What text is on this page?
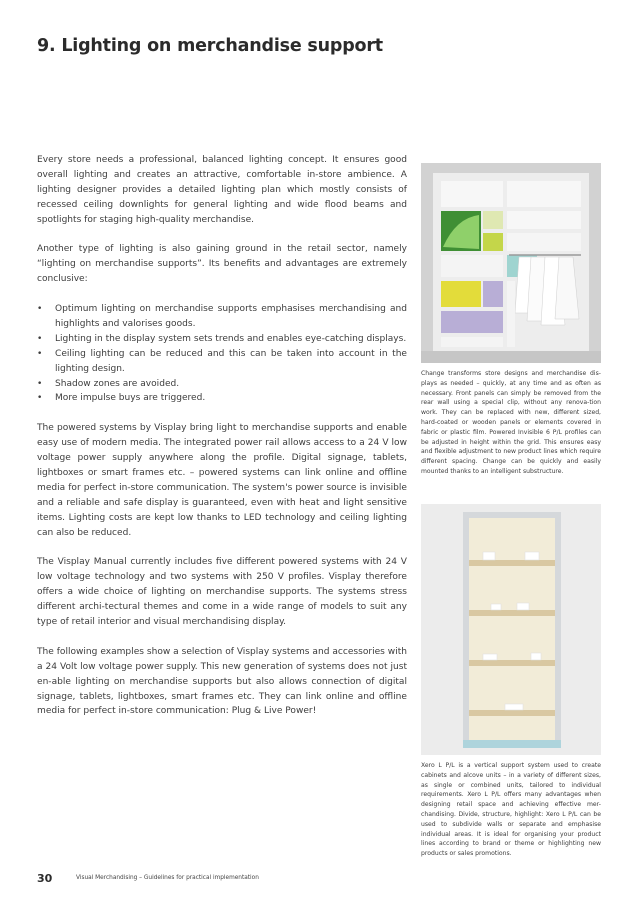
9. Lighting on merchandise support

Every store needs a professional, balanced lighting concept. It ensures good overall lighting and creates an attractive, comfortable in-store ambience. A lighting designer provides a detailed lighting plan which mostly consists of recessed ceiling downlights for general lighting and wide flood beams and spotlights for staging high-quality merchandise.

Another type of lighting is also gaining ground in the retail sector, namely “lighting on merchandise supports”. Its benefits and advantages are extremely conclusive:

• Optimum lighting on merchandise supports emphasises merchandising and highlights and valorises goods.
• Lighting in the display system sets trends and enables eye-catching displays.
• Ceiling lighting can be reduced and this can be taken into account in the lighting design.
• Shadow zones are avoided.
• More impulse buys are triggered.

The powered systems by Visplay bring light to merchandise supports and enable easy use of modern media. The integrated power rail allows access to a 24 V low voltage power supply anywhere along the profile. Digital signage, tablets, lightboxes or smart frames etc. – powered systems can link online and offline media for perfect in-store communication. The system's power source is invisible and a reliable and safe display is guaranteed, even with heat and light sensitive items. Lighting costs are kept low thanks to LED technology and ceiling lighting can also be reduced.

The Visplay Manual currently includes five different powered systems with 24 V low voltage technology and two systems with 250 V profiles. Visplay therefore offers a wide choice of lighting on merchandise supports. The systems stress different archi-tectural themes and come in a wide range of models to suit any type of retail interior and visual merchandising display.

The following examples show a selection of Visplay systems and accessories with a 24 Volt low voltage power supply. This new generation of systems does not just en-able lighting on merchandise supports but also allows connection of digital signage, tablets, lightboxes, smart frames etc. They can link online and offline media for perfect in-store communication: Plug & Live Power!

Change transforms store designs and merchandise dis-plays as needed – quickly, at any time and as often as necessary. Front panels can simply be removed from the rear wall using a special clip, without any renova-tion work. They can be replaced with new, different sized, hard-coated or wooden panels or elements covered in fabric or plastic film. Powered Invisible 6 P/L profiles can be adjusted in height within the grid. This ensures easy and flexible adjustment to new product lines which require different spacing. Change can be quickly and easily mounted thanks to an intelligent substructure.
Xero L P/L is a vertical support system used to create cabinets and alcove units – in a variety of different sizes, as single or combined units, tailored to individual requirements. Xero L P/L offers many advantages when designing retail space and achieving effective mer-chandising. Divide, structure, highlight: Xero L P/L can be used to subdivide walls or separate and emphasise individual areas. It is ideal for organising your product lines according to brand or theme or highlighting new products or sales promotions.
30	Visual Merchandising – Guidelines for practical implementation
